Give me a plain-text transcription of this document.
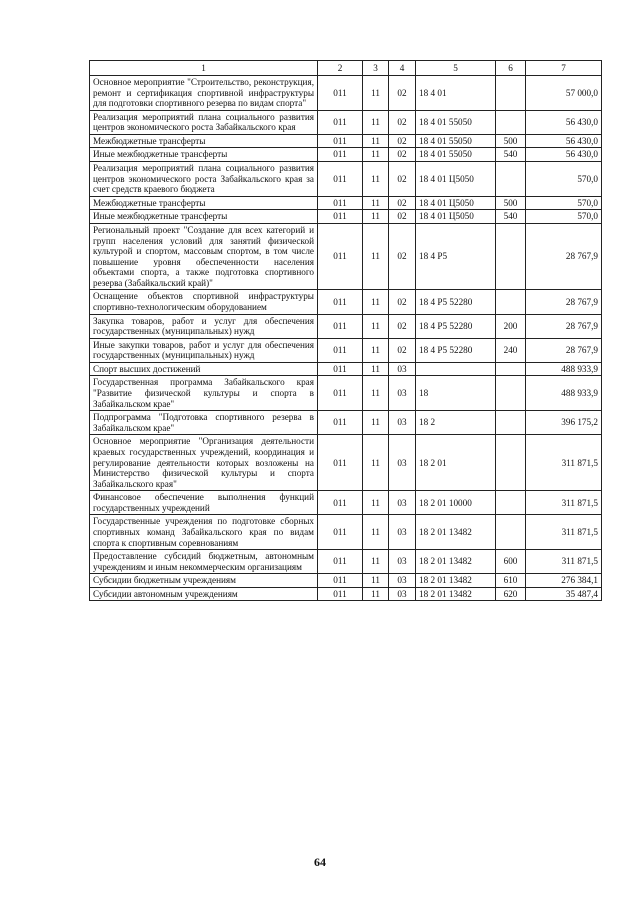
1	2	3	4	5	6	7
Основное мероприятие "Строительство, реконструкция, ремонт и сертификация спортивной инфраструктуры для подготовки спортивного резерва по видам спорта"	011	11	02	18 4 01		57 000,0
Реализация мероприятий плана социального развития центров экономического роста Забайкальского края	011	11	02	18 4 01 55050		56 430,0
Межбюджетные трансферты	011	11	02	18 4 01 55050	500	56 430,0
Иные межбюджетные трансферты	011	11	02	18 4 01 55050	540	56 430,0
Реализация мероприятий плана социального развития центров экономического роста Забайкальского края за счет средств краевого бюджета	011	11	02	18 4 01 Ц5050		570,0
Межбюджетные трансферты	011	11	02	18 4 01 Ц5050	500	570,0
Иные межбюджетные трансферты	011	11	02	18 4 01 Ц5050	540	570,0
Региональный проект "Создание для всех категорий и групп населения условий для занятий физической культурой и спортом, массовым спортом, в том числе повышение уровня обеспеченности населения объектами спорта, а также подготовка спортивного резерва (Забайкальский край)"	011	11	02	18 4 P5		28 767,9
Оснащение объектов спортивной инфраструктуры спортивно-технологическим оборудованием	011	11	02	18 4 P5 52280		28 767,9
Закупка товаров, работ и услуг для обеспечения государственных (муниципальных) нужд	011	11	02	18 4 P5 52280	200	28 767,9
Иные закупки товаров, работ и услуг для обеспечения государственных (муниципальных) нужд	011	11	02	18 4 P5 52280	240	28 767,9
Спорт высших достижений	011	11	03			488 933,9
Государственная программа Забайкальского края "Развитие физической культуры и спорта в Забайкальском крае"	011	11	03	18		488 933,9
Подпрограмма "Подготовка спортивного резерва в Забайкальском крае"	011	11	03	18 2		396 175,2
Основное мероприятие "Организация деятельности краевых государственных учреждений, координация и регулирование деятельности которых возложены на Министерство физической культуры и спорта Забайкальского края"	011	11	03	18 2 01		311 871,5
Финансовое обеспечение выполнения функций государственных учреждений	011	11	03	18 2 01 10000		311 871,5
Государственные учреждения по подготовке сборных спортивных команд Забайкальского края по видам спорта к спортивным соревнованиям	011	11	03	18 2 01 13482		311 871,5
Предоставление субсидий бюджетным, автономным учреждениям и иным некоммерческим организациям	011	11	03	18 2 01 13482	600	311 871,5
Субсидии бюджетным учреждениям	011	11	03	18 2 01 13482	610	276 384,1
Субсидии автономным учреждениям	011	11	03	18 2 01 13482	620	35 487,4
64
